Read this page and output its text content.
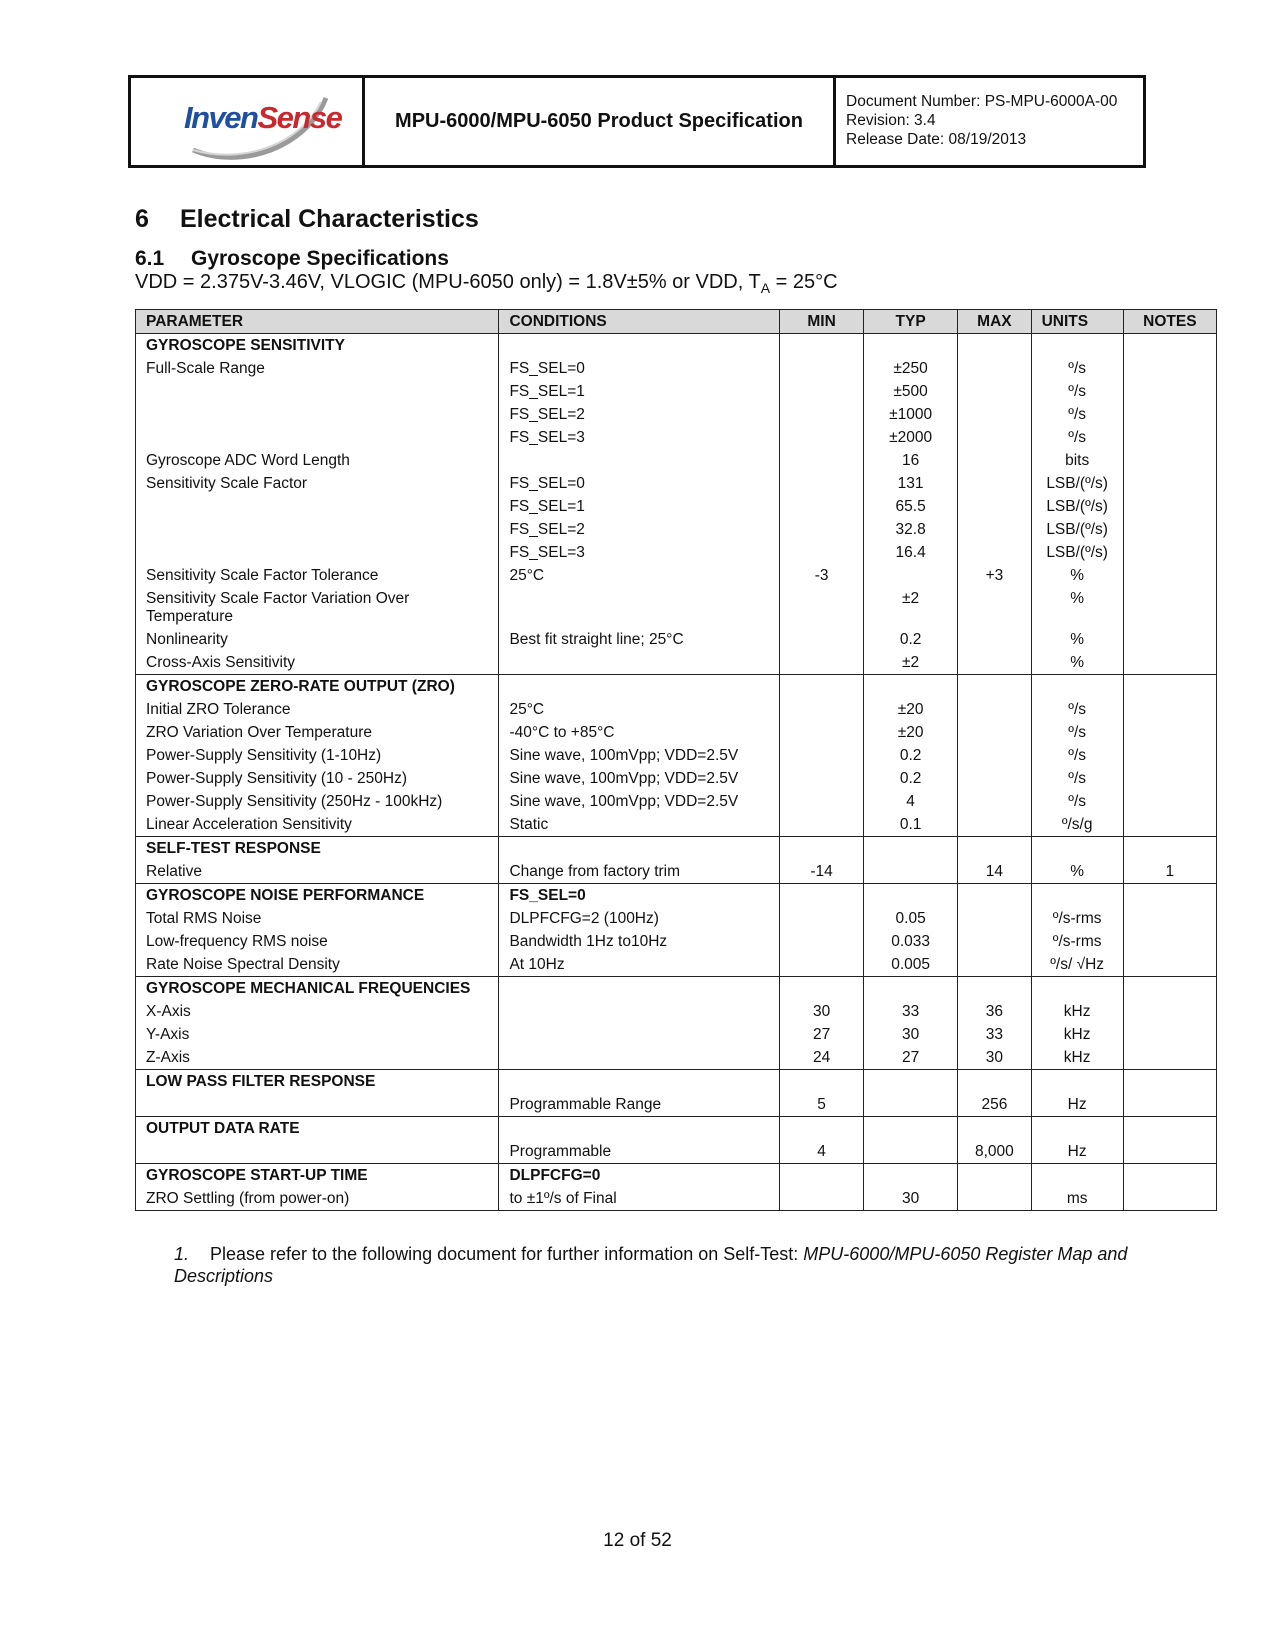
InvenSense	MPU-6000/MPU-6050 Product Specification
Document Number: PS-MPU-6000A-00
Revision: 3.4
Release Date: 08/19/2013
6 Electrical Characteristics
6.1 Gyroscope Specifications
VDD = 2.375V-3.46V, VLOGIC (MPU-6050 only) = 1.8V±5% or VDD, $T_A = 25^\circ C$
PARAMETER	CONDITIONS	MIN	TYP	MAX	UNITS	NOTES
GYROSCOPE SENSITIVITY						
Full-Scale Range	FS_SEL=0		±250		º/s	
	FS_SEL=1		±500		º/s	
	FS_SEL=2		±1000		º/s	
	FS_SEL=3		±2000		º/s	
Gyroscope ADC Word Length			16		bits	
Sensitivity Scale Factor	FS_SEL=0		131		LSB/(º/s)	
	FS_SEL=1		65.5		LSB/(º/s)	
	FS_SEL=2		32.8		LSB/(º/s)	
	FS_SEL=3		16.4		LSB/(º/s)	
Sensitivity Scale Factor Tolerance	25°C	-3		+3	%	
Sensitivity Scale Factor Variation Over Temperature			±2		%	
Nonlinearity	Best fit straight line; 25°C		0.2		%	
Cross-Axis Sensitivity			±2		%	
GYROSCOPE ZERO-RATE OUTPUT (ZRO)						
Initial ZRO Tolerance	25°C		±20		º/s	
ZRO Variation Over Temperature	-40°C to +85°C		±20		º/s	
Power-Supply Sensitivity (1-10Hz)	Sine wave, 100mVpp; VDD=2.5V		0.2		º/s	
Power-Supply Sensitivity (10 - 250Hz)	Sine wave, 100mVpp; VDD=2.5V		0.2		º/s	
Power-Supply Sensitivity (250Hz - 100kHz)	Sine wave, 100mVpp; VDD=2.5V		4		º/s	
Linear Acceleration Sensitivity	Static		0.1		º/s/g	
SELF-TEST RESPONSE						
Relative	Change from factory trim	-14		14	%	1
GYROSCOPE NOISE PERFORMANCE	FS_SEL=0					
Total RMS Noise	DLPFCFG=2 (100Hz)		0.05		º/s-rms	
Low-frequency RMS noise	Bandwidth 1Hz to10Hz		0.033		º/s-rms	
Rate Noise Spectral Density	At 10Hz		0.005		º/s/ √Hz	
GYROSCOPE MECHANICAL FREQUENCIES						
X-Axis		30	33	36	kHz	
Y-Axis		27	30	33	kHz	
Z-Axis		24	27	30	kHz	
LOW PASS FILTER RESPONSE						
	Programmable Range	5		256	Hz	
OUTPUT DATA RATE						
	Programmable	4		8,000	Hz	
GYROSCOPE START-UP TIME	DLPFCFG=0					
ZRO Settling (from power-on)	to ±1º/s of Final		30		ms	
1. Please refer to the following document for further information on Self-Test: MPU-6000/MPU-6050 Register Map and Descriptions
12 of 52
